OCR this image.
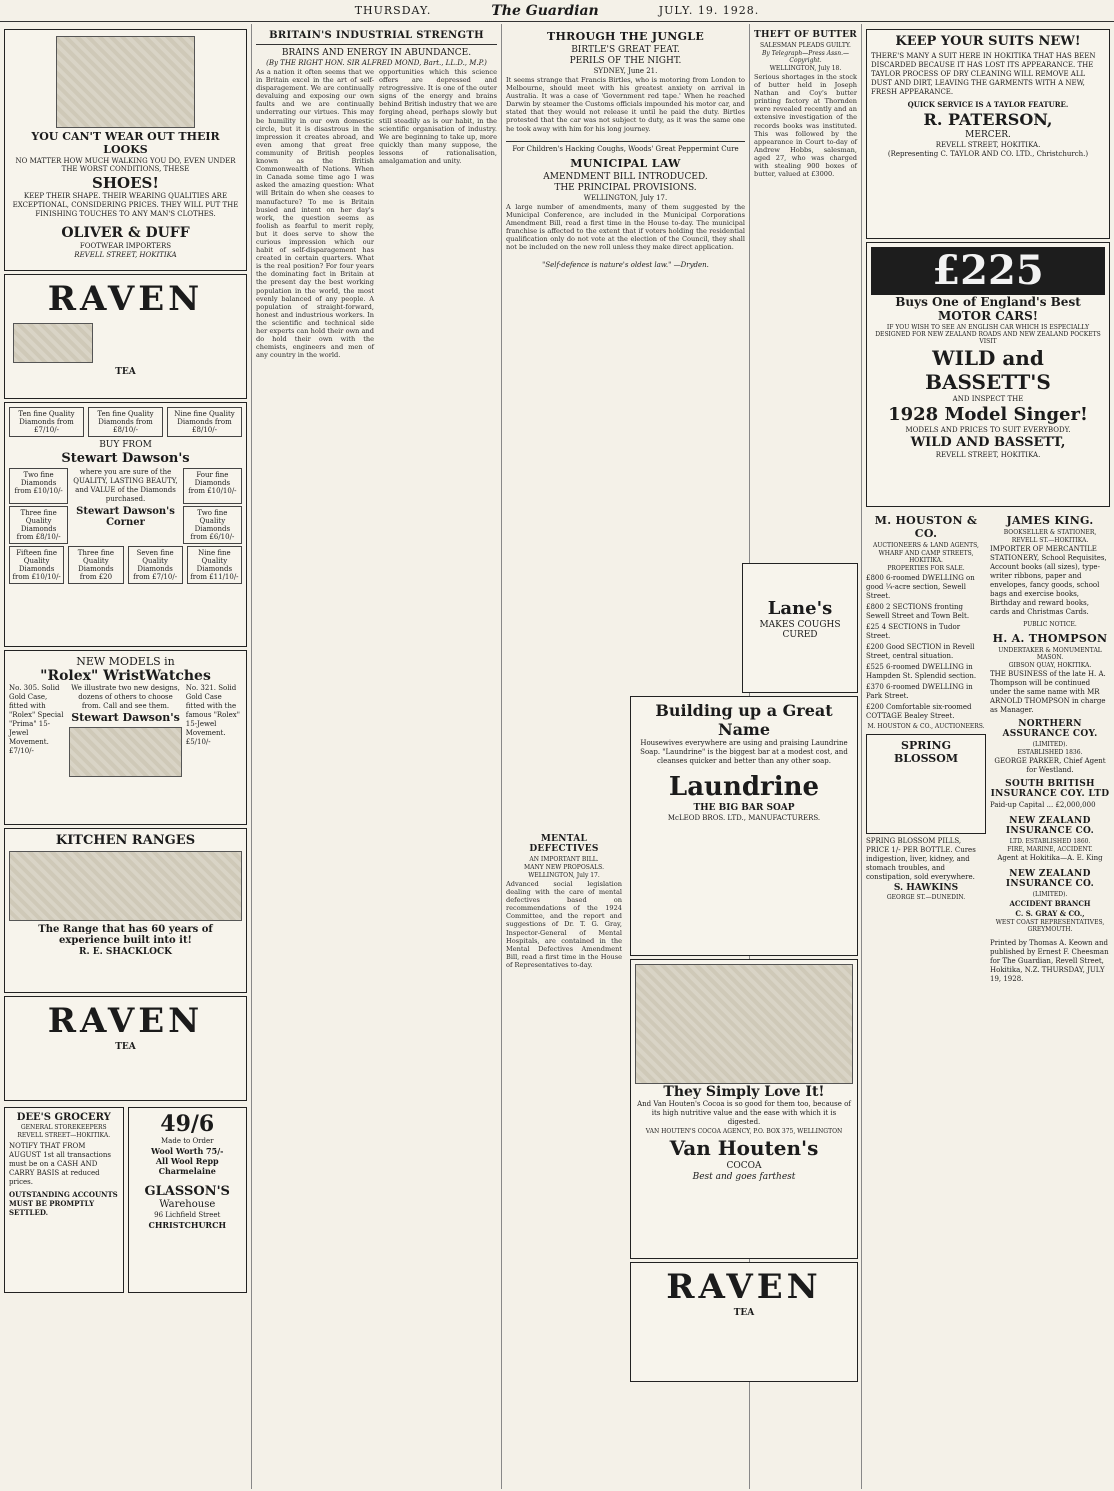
THURSDAY.	The Guardian	JULY. 19. 1928.
YOU CAN'T WEAR OUT THEIR LOOKS
NO MATTER HOW MUCH WALKING YOU DO, EVEN UNDER THE WORST CONDITIONS, THESE
SHOES!
KEEP THEIR SHAPE. THEIR WEARING QUALITIES ARE EXCEPTIONAL, CONSIDERING PRICES. THEY WILL PUT THE FINISHING TOUCHES TO ANY MAN'S CLOTHES.
OLIVER & DUFF
FOOTWEAR IMPORTERS
REVELL STREET, HOKITIKA
RAVEN
TEA
Ten fine Quality Diamonds from £7/10/-
Ten fine Quality Diamonds from £8/10/-
Nine fine Quality Diamonds from £8/10/-
BUY FROM
Stewart Dawson's
Two fine Diamonds from £10/10/-
where you are sure of the QUALITY, LASTING BEAUTY, and VALUE of the Diamonds purchased.
Four fine Diamonds from £10/10/-
Three fine Quality Diamonds from £8/10/-
Stewart Dawson's Corner
Two fine Quality Diamonds from £6/10/-
Fifteen fine Quality Diamonds from £10/10/-
Three fine Quality Diamonds from £20
Seven fine Quality Diamonds from £7/10/-
Nine fine Quality Diamonds from £11/10/-
NEW MODELS in
"Rolex" WristWatches
No. 305. Solid Gold Case, fitted with "Rolex" Special "Prima" 15-Jewel Movement. £7/10/-
We illustrate two new designs, dozens of others to choose from. Call and see them.
Stewart Dawson's
No. 321. Solid Gold Case fitted with the famous "Rolex" 15-Jewel Movement. £5/10/-
KITCHEN RANGES
The Range that has 60 years of experience built into it!
R. E. SHACKLOCK
RAVEN
TEA
DEE'S GROCERY
GENERAL STOREKEEPERS
REVELL STREET—HOKITIKA.
NOTIFY THAT FROM AUGUST 1st all transactions must be on a CASH AND CARRY BASIS at reduced prices.
OUTSTANDING ACCOUNTS MUST BE PROMPTLY SETTLED.
49/6
Made to Order
Wool Worth 75/-
All Wool Repp
Charmelaine
GLASSON'S
Warehouse
96 Lichfield Street
CHRISTCHURCH
BRITAIN'S INDUSTRIAL STRENGTH
BRAINS AND ENERGY IN ABUNDANCE.
(By THE RIGHT HON. SIR ALFRED MOND, Bart., LL.D., M.P.)
As a nation it often seems that we in Britain excel in the art of self-disparagement. We are continually devaluing and exposing our own faults and we are continually underrating our virtues. This may be humility in our own domestic circle, but it is disastrous in the impression it creates abroad, and even among that great free community of British peoples known as the British Commonwealth of Nations. When in Canada some time ago I was asked the amazing question: What will Britain do when she ceases to manufacture? To me is Britain busied and intent on her day's work, the question seems as foolish as fearful to merit reply, but it does serve to show the curious impression which our habit of self-disparagement has created in certain quarters. What is the real position? For four years the dominating fact in Britain at the present day the best working population in the world, the most evenly balanced of any people. A population of straight-forward, honest and industrious workers. In the scientific and technical side her experts can hold their own and do hold their own with the chemists, engineers and men of any country in the world.
opportunities which this science offers are depressed and retrogressive. It is one of the outer signs of the energy and brains behind British industry that we are forging ahead, perhaps slowly but still steadily as is our habit, in the scientific organisation of industry. We are beginning to take up, more quickly than many suppose, the lessons of rationalisation, amalgamation and unity.
THROUGH THE JUNGLE
BIRTLE'S GREAT FEAT.
PERILS OF THE NIGHT.
SYDNEY, June 21.
It seems strange that Francis Birtles, who is motoring from London to Melbourne, should meet with his greatest anxiety on arrival in Australia. It was a case of 'Government red tape.' When he reached Darwin by steamer the Customs officials impounded his motor car, and stated that they would not release it until he paid the duty. Birtles protested that the car was not subject to duty, as it was the same one he took away with him for his long journey.
For Children's Hacking Coughs, Woods' Great Peppermint Cure
MUNICIPAL LAW
AMENDMENT BILL INTRODUCED.
THE PRINCIPAL PROVISIONS.
WELLINGTON, July 17.
A large number of amendments, many of them suggested by the Municipal Conference, are included in the Municipal Corporations Amendment Bill, read a first time in the House to-day. The municipal franchise is affected to the extent that if voters holding the residential qualification only do not vote at the election of the Council, they shall not be included on the new roll unless they make direct application.
"Self-defence is nature's oldest law." —Dryden.
THEFT OF BUTTER
SALESMAN PLEADS GUILTY.
By Telegraph—Press Assn.—Copyright.
WELLINGTON, July 18.
Serious shortages in the stock of butter held in Joseph Nathan and Coy's butter printing factory at Thornden were revealed recently and an extensive investigation of the records books was instituted. This was followed by the appearance in Court to-day of Andrew Hobbs, salesman, aged 27, who was charged with stealing 900 boxes of butter, valued at £3000.
Lane's
MAKES COUGHS CURED
Building up a Great Name
Housewives everywhere are using and praising Laundrine Soap. "Laundrine" is the biggest bar at a modest cost, and cleanses quicker and better than any other soap.
Laundrine
THE BIG BAR SOAP
McLEOD BROS. LTD., MANUFACTURERS.
They Simply Love It!
And Van Houten's Cocoa is so good for them too, because of its high nutritive value and the ease with which it is digested.
VAN HOUTEN'S COCOA AGENCY, P.O. BOX 375, WELLINGTON
Van Houten's
COCOA
Best and goes farthest
RAVEN
TEA
MENTAL DEFECTIVES
AN IMPORTANT BILL.
MANY NEW PROPOSALS.
WELLINGTON, July 17.
Advanced social legislation dealing with the care of mental defectives based on recommendations of the 1924 Committee, and the report and suggestions of Dr. T. G. Gray, Inspector-General of Mental Hospitals, are contained in the Mental Defectives Amendment Bill, read a first time in the House of Representatives to-day.
KEEP YOUR SUITS NEW!
THERE'S MANY A SUIT HERE IN HOKITIKA THAT HAS BEEN DISCARDED BECAUSE IT HAS LOST ITS APPEARANCE. THE TAYLOR PROCESS OF DRY CLEANING WILL REMOVE ALL DUST AND DIRT, LEAVING THE GARMENTS WITH A NEW, FRESH APPEARANCE.
QUICK SERVICE IS A TAYLOR FEATURE.
R. PATERSON,
MERCER.
REVELL STREET, HOKITIKA.
(Representing C. TAYLOR AND CO. LTD., Christchurch.)
£225
Buys One of England's Best MOTOR CARS!
IF YOU WISH TO SEE AN ENGLISH CAR WHICH IS ESPECIALLY DESIGNED FOR NEW ZEALAND ROADS AND NEW ZEALAND POCKETS VISIT
WILD and BASSETT'S
AND INSPECT THE
1928 Model Singer!
MODELS AND PRICES TO SUIT EVERYBODY.
WILD AND BASSETT,
REVELL STREET, HOKITIKA.
M. HOUSTON & CO.
AUCTIONEERS & LAND AGENTS,
WHARF AND CAMP STREETS, HOKITIKA.
PROPERTIES FOR SALE.
£800 6-roomed DWELLING on good ¼-acre section, Sewell Street.
£800 2 SECTIONS fronting Sewell Street and Town Belt.
£25 4 SECTIONS in Tudor Street.
£200 Good SECTION in Revell Street, central situation.
£525 6-roomed DWELLING in Hampden St. Splendid section.
£370 6-roomed DWELLING in Park Street.
£200 Comfortable six-roomed COTTAGE Bealey Street.
M. HOUSTON & CO., AUCTIONEERS.
SPRING BLOSSOM
SPRING BLOSSOM PILLS, PRICE 1/- PER BOTTLE. Cures indigestion, liver, kidney, and stomach troubles, and constipation, sold everywhere.
S. HAWKINS
GEORGE ST.—DUNEDIN.
JAMES KING.
BOOKSELLER & STATIONER,
REVELL ST.—HOKITIKA.
IMPORTER OF MERCANTILE STATIONERY, School Requisites, Account books (all sizes), type-writer ribbons, paper and envelopes, fancy goods, school bags and exercise books, Birthday and reward books, cards and Christmas Cards.
PUBLIC NOTICE.
H. A. THOMPSON
UNDERTAKER & MONUMENTAL MASON.
GIBSON QUAY, HOKITIKA.
THE BUSINESS of the late H. A. Thompson will be continued under the same name with MR ARNOLD THOMPSON in charge as Manager.
NORTHERN ASSURANCE COY.
(LIMITED).
ESTABLISHED 1836.
GEORGE PARKER, Chief Agent for Westland.
SOUTH BRITISH INSURANCE COY. LTD
Paid-up Capital ... £2,000,000
NEW ZEALAND INSURANCE CO.
LTD. ESTABLISHED 1860.
FIRE, MARINE, ACCIDENT.
Agent at Hokitika—A. E. King
NEW ZEALAND INSURANCE CO.
(LIMITED).
ACCIDENT BRANCH
C. S. GRAY & CO.,
WEST COAST REPRESENTATIVES, GREYMOUTH.
Printed by Thomas A. Keown and published by Ernest F. Cheesman for The Guardian, Revell Street, Hokitika, N.Z. THURSDAY, JULY 19, 1928.
